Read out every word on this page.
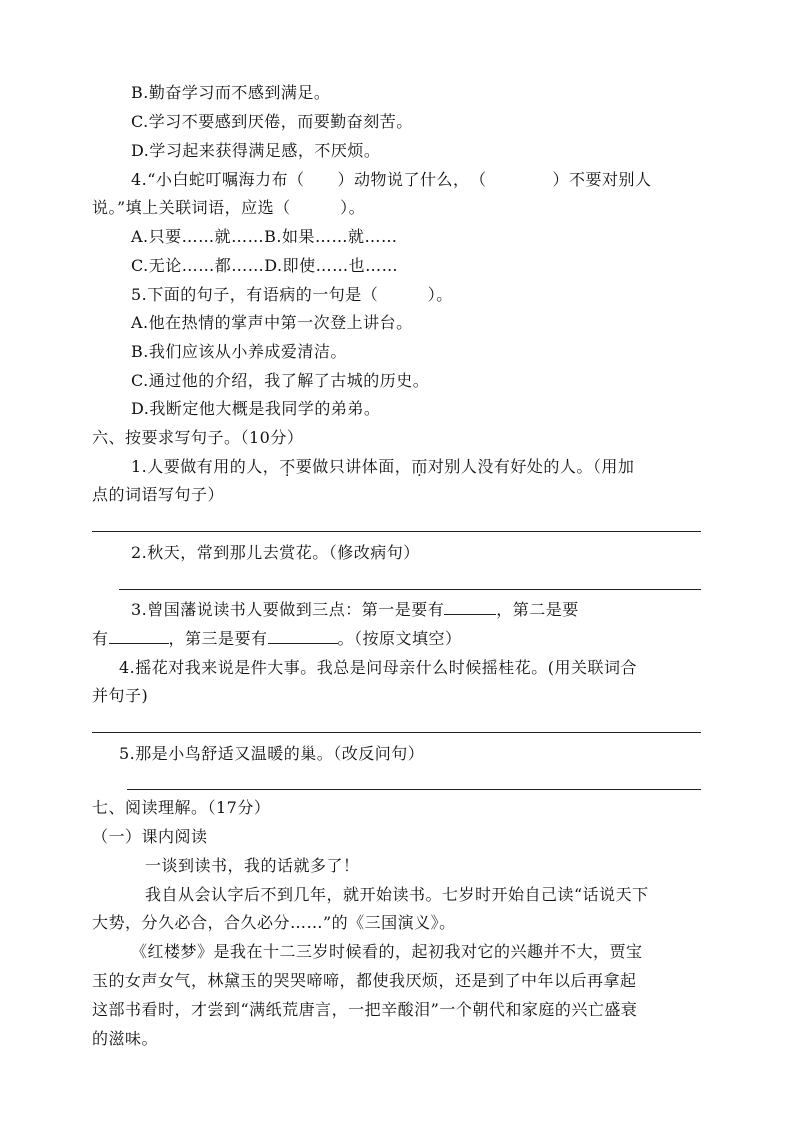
B.勤奋学习而不感到满足。
C.学习不要感到厌倦，而要勤奋刻苦。
D.学习起来获得满足感，不厌烦。
4.“小白蛇叮嘱海力布（　　）动物说了什么，　（　　　　）不要对别人
说。”填上关联词语，应选（　　　）。
A.只要……就……B.如果……就……
C.无论……都……D.即使……也……
5.下面的句子，有语病的一句是（　　　）。
A.他在热情的掌声中第一次登上讲台。
B.我们应该从小养成爱清洁。
C.通过他的介绍，我了解了古城的历史。
D.我断定他大概是我同学的弟弟。
六、按要求写句子。（10分）
1.人要做有用的人，不要做只讲体面，而对别人没有好处的人。（用加
点的词语写句子）
2.秋天，常到那儿去赏花。（修改病句）
3.曾国藩说读书人要做到三点：第一是要有	，第二是要
有	，第三是要有	。（按原文填空）
4.摇花对我来说是件大事。我总是问母亲什么时候摇桂花。(用关联词合
并句子)
5.那是小鸟舒适又温暖的巢。（改反问句）
七、阅读理解。（17分）
（一）课内阅读
一谈到读书，我的话就多了！
我自从会认字后不到几年，就开始读书。七岁时开始自己读“话说天下
大势，分久必合，合久必分……”的《三国演义》。
《红楼梦》是我在十二三岁时候看的，起初我对它的兴趣并不大，贾宝
玉的女声女气，林黛玉的哭哭啼啼，都使我厌烦，还是到了中年以后再拿起
这部书看时，才尝到“满纸荒唐言，一把辛酸泪”一个朝代和家庭的兴亡盛衰
的滋味。
